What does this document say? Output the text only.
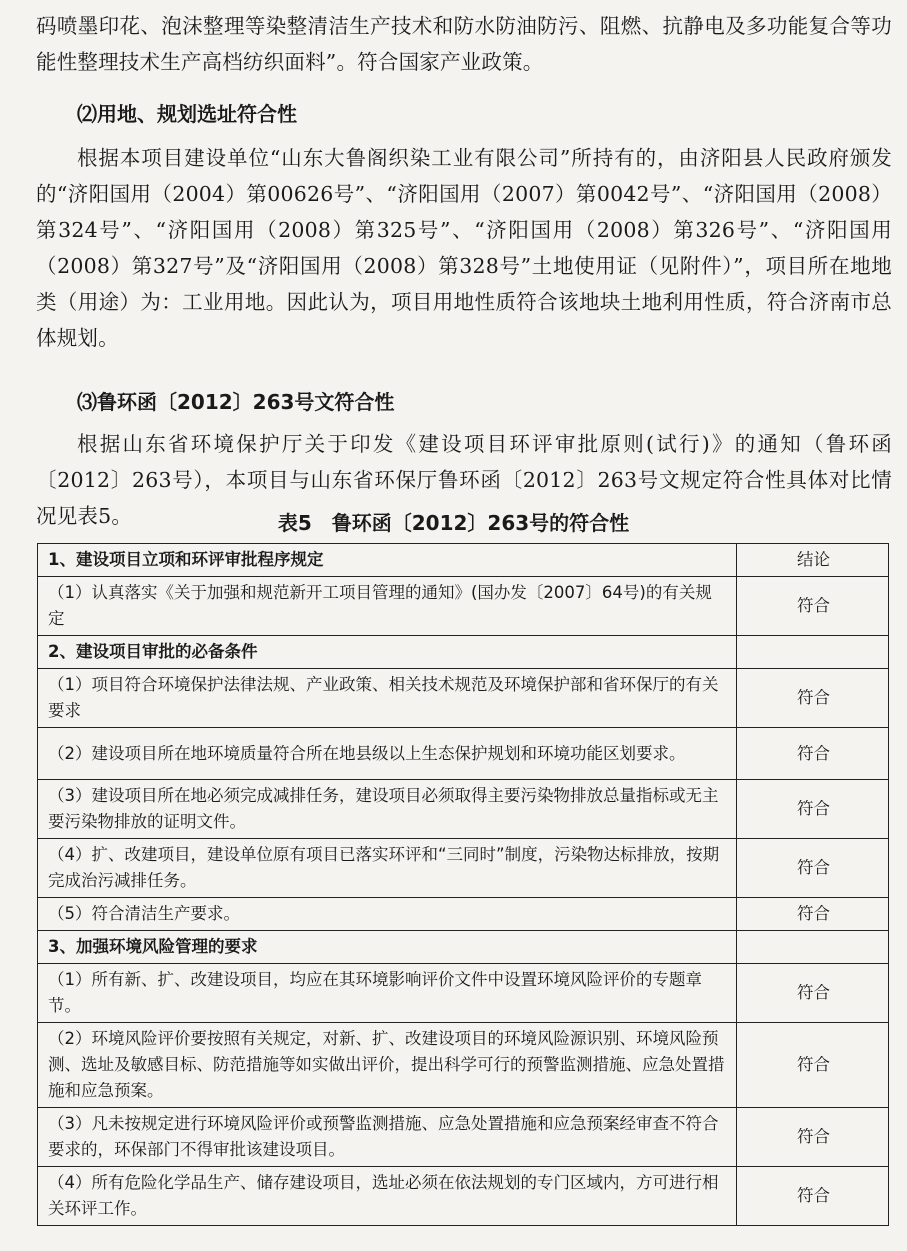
码喷墨印花、泡沫整理等染整清洁生产技术和防水防油防污、阻燃、抗静电及多功能复合等功能性整理技术生产高档纺织面料”。符合国家产业政策。

⑵用地、规划选址符合性

根据本项目建设单位“山东大鲁阁织染工业有限公司”所持有的，由济阳县人民政府颁发的“济阳国用（2004）第00626号”、“济阳国用（2007）第0042号”、“济阳国用（2008）第324号”、“济阳国用（2008）第325号”、“济阳国用（2008）第326号”、“济阳国用（2008）第327号”及“济阳国用（2008）第328号”土地使用证（见附件）”，项目所在地地类（用途）为：工业用地。因此认为，项目用地性质符合该地块土地利用性质，符合济南市总体规划。

⑶鲁环函〔2012〕263号文符合性

根据山东省环境保护厅关于印发《建设项目环评审批原则(试行)》的通知（鲁环函〔2012〕263号），本项目与山东省环保厅鲁环函〔2012〕263号文规定符合性具体对比情况见表5。	表5　鲁环函〔2012〕263号的符合性

1、建设项目立项和环评审批程序规定	结论
（1）认真落实《关于加强和规范新开工项目管理的通知》(国办发〔2007〕64号)的有关规定	符合
2、建设项目审批的必备条件	
（1）项目符合环境保护法律法规、产业政策、相关技术规范及环境保护部和省环保厅的有关要求	符合
（2）建设项目所在地环境质量符合所在地县级以上生态保护规划和环境功能区划要求。	符合
（3）建设项目所在地必须完成减排任务，建设项目必须取得主要污染物排放总量指标或无主要污染物排放的证明文件。	符合
（4）扩、改建项目，建设单位原有项目已落实环评和“三同时”制度，污染物达标排放，按期完成治污减排任务。	符合
（5）符合清洁生产要求。	符合
3、加强环境风险管理的要求	
（1）所有新、扩、改建设项目，均应在其环境影响评价文件中设置环境风险评价的专题章节。	符合
（2）环境风险评价要按照有关规定，对新、扩、改建设项目的环境风险源识别、环境风险预测、选址及敏感目标、防范措施等如实做出评价，提出科学可行的预警监测措施、应急处置措施和应急预案。	符合
（3）凡未按规定进行环境风险评价或预警监测措施、应急处置措施和应急预案经审查不符合要求的，环保部门不得审批该建设项目。	符合
（4）所有危险化学品生产、储存建设项目，选址必须在依法规划的专门区域内，方可进行相关环评工作。	符合
